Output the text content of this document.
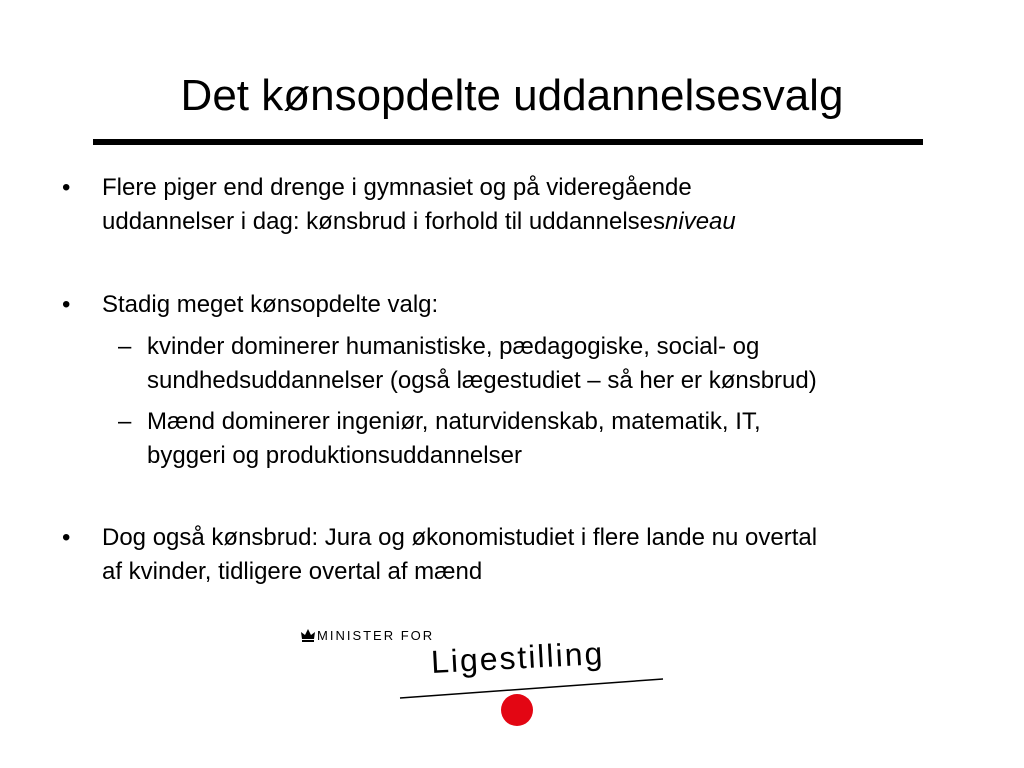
Det kønsopdelte uddannelsesvalg
• Flere piger end drenge i gymnasiet og på videregående
uddannelser i dag: kønsbrud i forhold til uddannelsesniveau
• Stadig meget kønsopdelte valg:
– kvinder dominerer humanistiske, pædagogiske, social- og
sundhedsuddannelser (også lægestudiet – så her er kønsbrud)
– Mænd dominerer ingeniør, naturvidenskab, matematik, IT,
byggeri og produktionsuddannelser
• Dog også kønsbrud: Jura og økonomistudiet i flere lande nu overtal
af kvinder, tidligere overtal af mænd
MINISTER FOR
Ligestilling
